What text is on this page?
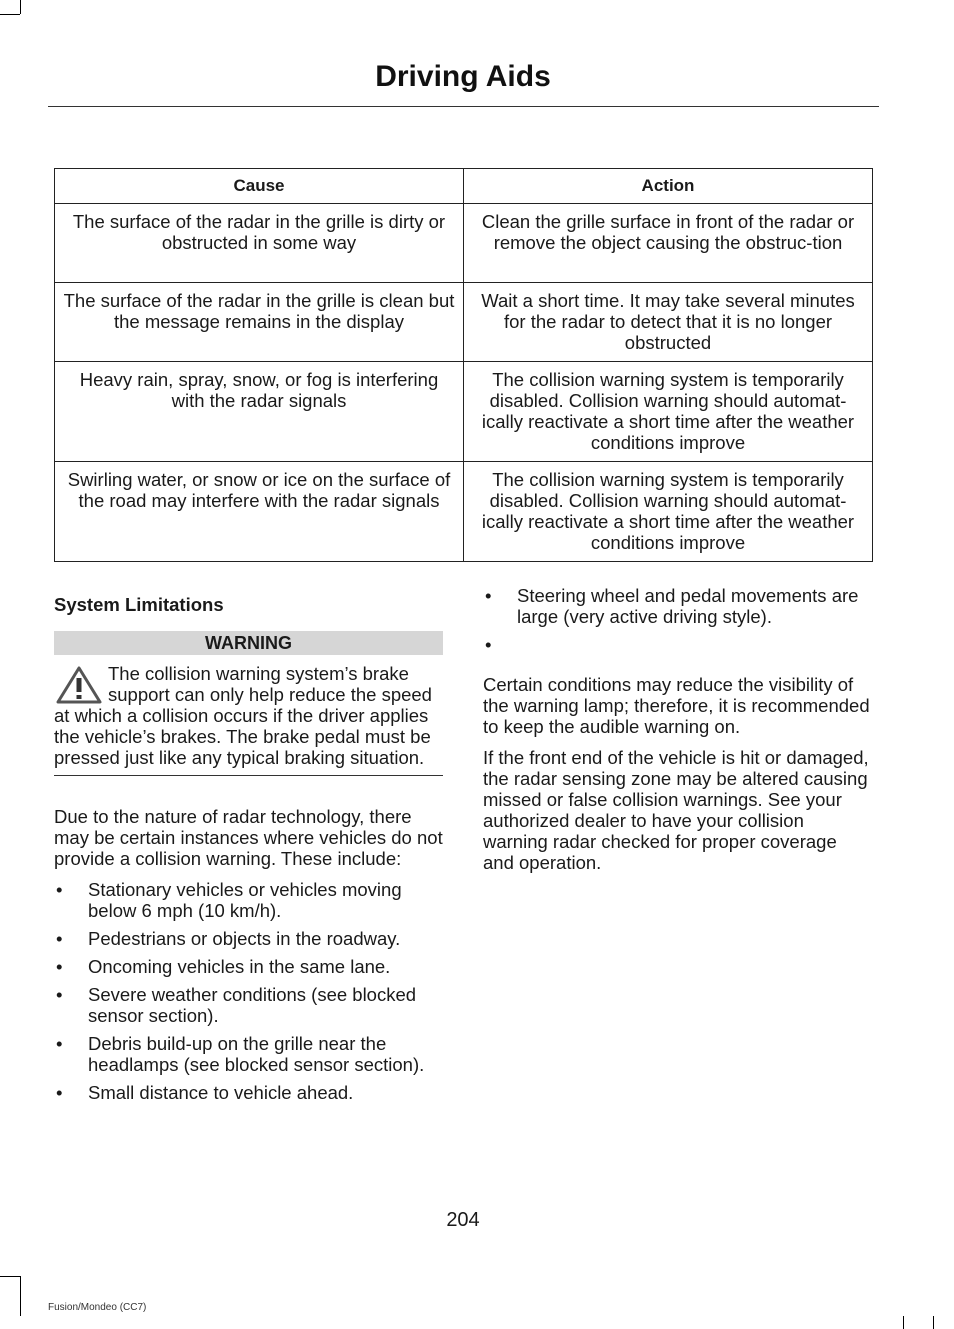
Driving Aids
Cause	Action
The surface of the radar in the grille is dirty or obstructed in some way	Clean the grille surface in front of the radar or remove the object causing the obstruc-tion
The surface of the radar in the grille is clean but the message remains in the display	Wait a short time. It may take several minutes for the radar to detect that it is no longer obstructed
Heavy rain, spray, snow, or fog is interfering with the radar signals	The collision warning system is temporarily disabled. Collision warning should automat-ically reactivate a short time after the weather conditions improve
Swirling water, or snow or ice on the surface of the road may interfere with the radar signals	The collision warning system is temporarily disabled. Collision warning should automat-ically reactivate a short time after the weather conditions improve
System Limitations
WARNING

The collision warning system’s brake support can only help reduce the speed at which a collision occurs if the driver applies the vehicle’s brakes. The brake pedal must be pressed just like any typical braking situation.

Due to the nature of radar technology, there may be certain instances where vehicles do not provide a collision warning. These include:

• Stationary vehicles or vehicles moving below 6 mph (10 km/h).
• Pedestrians or objects in the roadway.
• Oncoming vehicles in the same lane.
• Severe weather conditions (see blocked sensor section).
• Debris build-up on the grille near the headlamps (see blocked sensor section).
• Small distance to vehicle ahead.
• Steering wheel and pedal movements are large (very active driving style).
•

Certain conditions may reduce the visibility of the warning lamp; therefore, it is recommended to keep the audible warning on.

If the front end of the vehicle is hit or damaged, the radar sensing zone may be altered causing missed or false collision warnings. See your authorized dealer to have your collision warning radar checked for proper coverage and operation.

204
Fusion/Mondeo (CC7)
